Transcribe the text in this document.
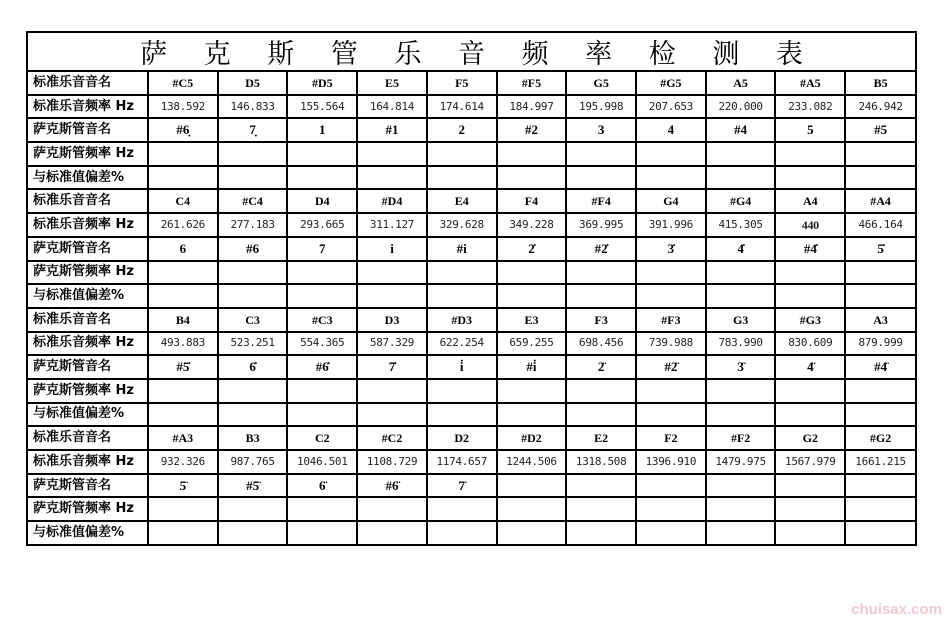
萨 克 斯 管 乐 音 频 率 检 测 表
标准乐音音名	#C5	D5	#D5	E5	F5	#F5	G5	#G5	A5	#A5	B5
标准乐音频率 Hz	138.592	146.833	155.564	164.814	174.614	184.997	195.998	207.653	220.000	233.082	246.942
萨克斯管音名	#6̣	7̣	1	#1	2	#2	3	4	#4	5	#5
萨克斯管频率 Hz											
与标准值偏差%											
标准乐音音名	C4	#C4	D4	#D4	E4	F4	#F4	G4	#G4	A4	#A4
标准乐音频率 Hz	261.626	277.183	293.665	311.127	329.628	349.228	369.995	391.996	415.305	440	466.164
萨克斯管音名	6	#6	7	i	#i	2̇	#2̇	3̇	4̇	#4̇	5̇
萨克斯管频率 Hz											
与标准值偏差%											
标准乐音音名	B4	C3	#C3	D3	#D3	E3	F3	#F3	G3	#G3	A3
标准乐音频率 Hz	493.883	523.251	554.365	587.329	622.254	659.255	698.456	739.988	783.990	830.609	879.999
萨克斯管音名	#5̇	6̇	#6̇	7̇	i̇	#i̇	2̈	#2̈	3̈	4̈	#4̈
萨克斯管频率 Hz											
与标准值偏差%											
标准乐音音名	#A3	B3	C2	#C2	D2	#D2	E2	F2	#F2	G2	#G2
标准乐音频率 Hz	932.326	987.765	1046.501	1108.729	1174.657	1244.506	1318.508	1396.910	1479.975	1567.979	1661.215
萨克斯管音名	5̈	#5̈	6̈	#6̈	7̈						
萨克斯管频率 Hz											
与标准值偏差%											
chuisax.com
